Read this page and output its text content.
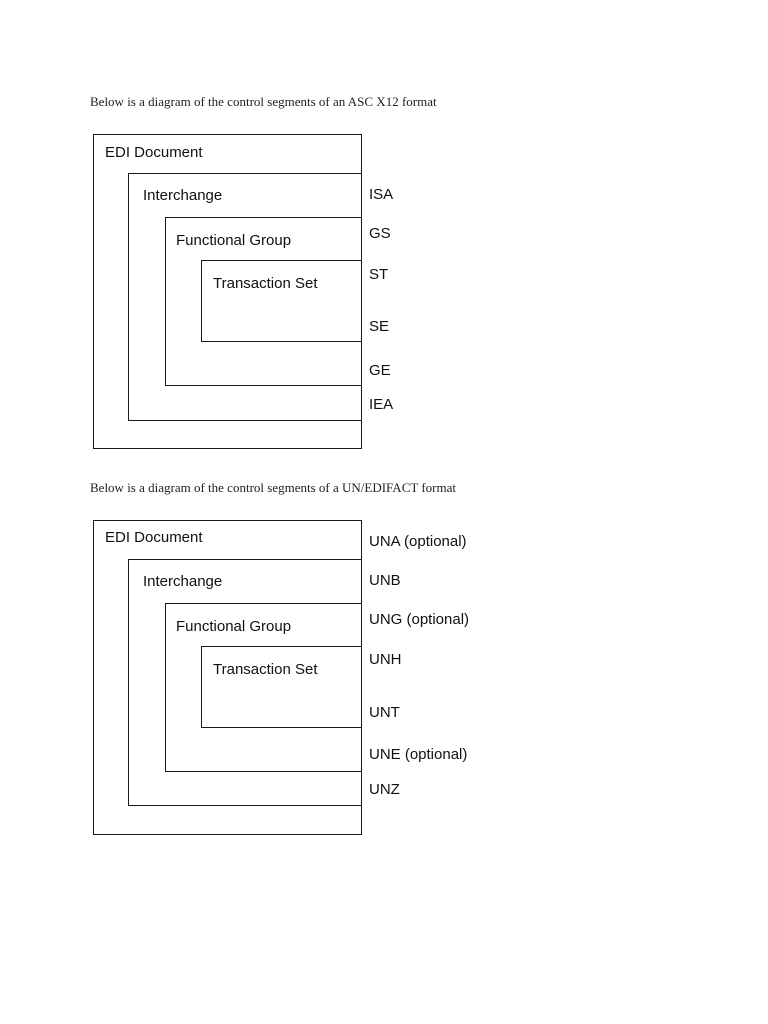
Below is a diagram of the control segments of an ASC X12 format
EDI Document
Interchange
Functional Group
Transaction Set
ISA
GS
ST
SE
GE
IEA
Below is a diagram of the control segments of a UN/EDIFACT format
EDI Document
Interchange
Functional Group
Transaction Set
UNA (optional)
UNB
UNG (optional)
UNH
UNT
UNE (optional)
UNZ
